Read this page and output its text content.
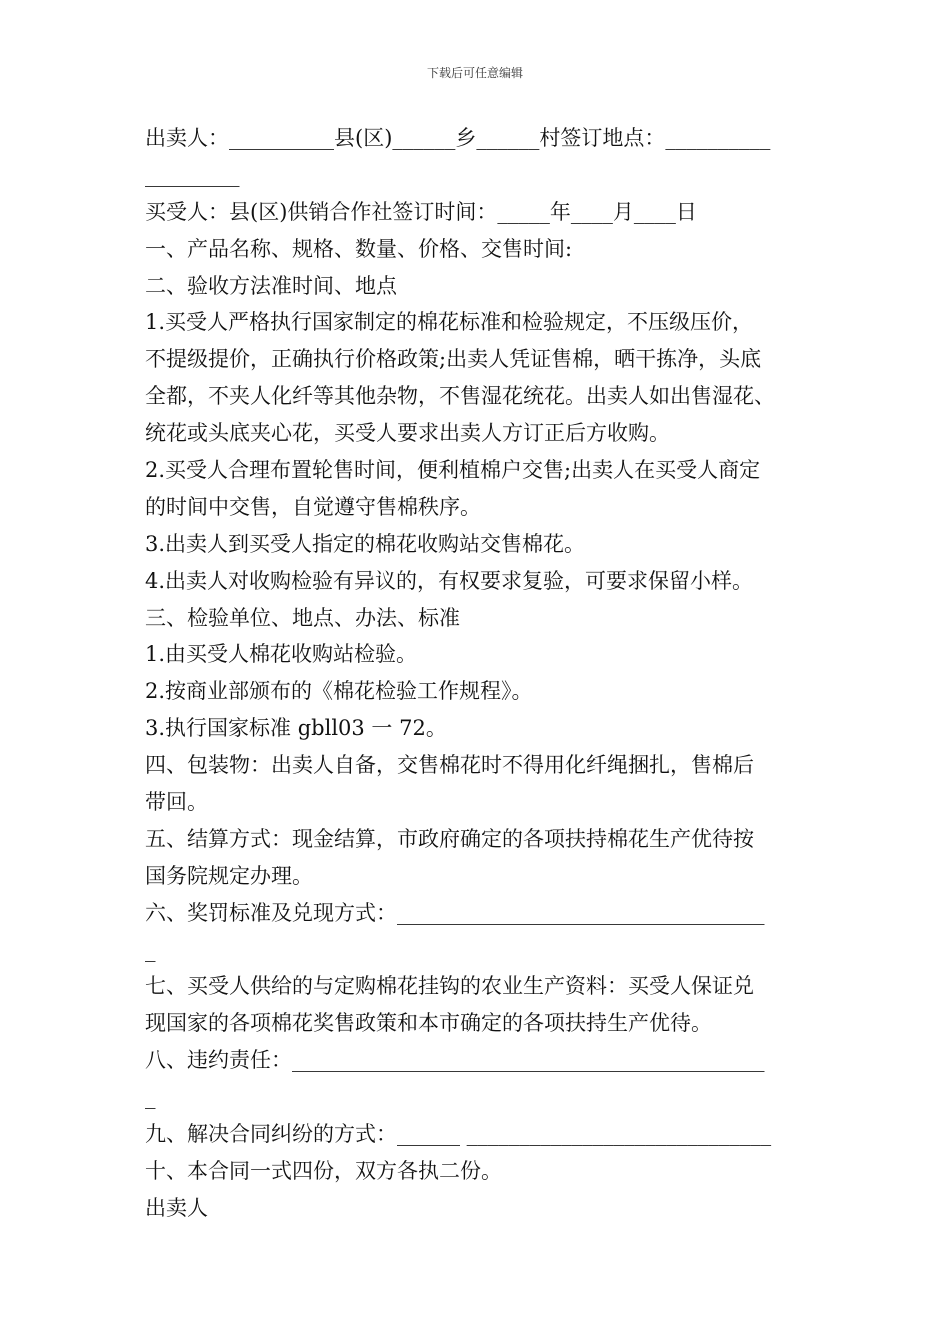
下载后可任意编辑
出卖人：__________县(区)______乡______村签订地点：__________
_________
买受人：县(区)供销合作社签订时间：_____年____月____日
一、产品名称、规格、数量、价格、交售时间:
二、验收方法准时间、地点
1.买受人严格执行国家制定的棉花标准和检验规定，不压级压价，
不提级提价，正确执行价格政策;出卖人凭证售棉，晒干拣净，头底
全都，不夹人化纤等其他杂物，不售湿花统花。出卖人如出售湿花、
统花或头底夹心花，买受人要求出卖人方订正后方收购。
2.买受人合理布置轮售时间，便利植棉户交售;出卖人在买受人商定
的时间中交售，自觉遵守售棉秩序。
3.出卖人到买受人指定的棉花收购站交售棉花。
4.出卖人对收购检验有异议的，有权要求复验，可要求保留小样。
三、检验单位、地点、办法、标准
1.由买受人棉花收购站检验。
2.按商业部颁布的《棉花检验工作规程》。
3.执行国家标准 gbll03 一 72。
四、包装物：出卖人自备，交售棉花时不得用化纤绳捆扎，售棉后
带回。
五、结算方式：现金结算，市政府确定的各项扶持棉花生产优待按
国务院规定办理。
六、奖罚标准及兑现方式：___________________________________
_
七、买受人供给的与定购棉花挂钩的农业生产资料：买受人保证兑
现国家的各项棉花奖售政策和本市确定的各项扶持生产优待。
八、违约责任：_____________________________________________
_
九、解决合同纠纷的方式：______ _____________________________
十、本合同一式四份，双方各执二份。
出卖人
